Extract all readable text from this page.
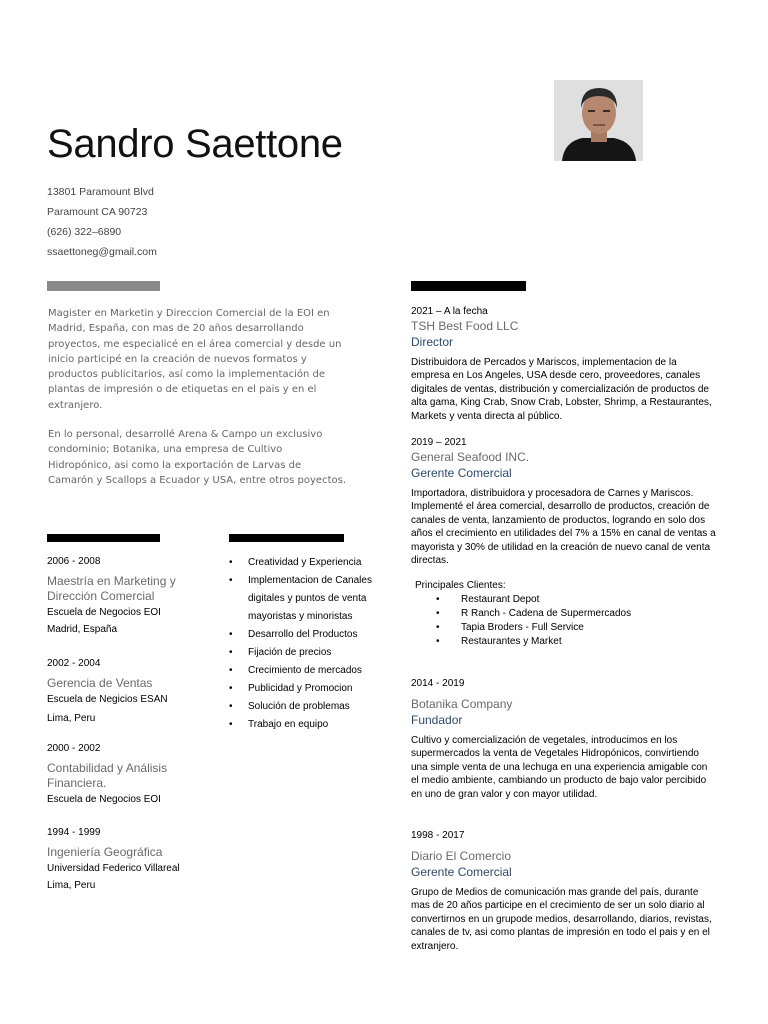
Sandro Saettone
13801 Paramount Blvd
Paramount CA 90723
(626) 322–6890
ssaettoneg@gmail.com

Magister en Marketin y Direccion Comercial de la EOI en Madrid, España, con mas de 20 años desarrollando proyectos, me especialicé en el área comercial y desde un inicio participé en la creación de nuevos formatos y productos publicitarios, así como la implementación de plantas de impresión o de etiquetas en el pais y en el extranjero.

En lo personal, desarrollé Arena & Campo un exclusivo condominio; Botanika, una empresa de Cultivo Hidropónico, asi como la exportación de Larvas de Camarón y Scallops a Ecuador y USA, entre otros poyectos.

2006 - 2008
Maestría en Marketing y Dirección Comercial
Escuela de Negocios EOI
Madrid, España
2002 - 2004
Gerencia de Ventas
Escuela de Negicios ESAN
Lima, Peru
2000 - 2002
Contabilidad y Análisis Financiera.
Escuela de Negocios EOI
1994 - 1999
Ingeniería Geográfica
Universidad Federico Villareal
Lima, Peru
• Creatividad y Experiencia
• Implementacion de Canales digitales y puntos de venta mayoristas y minoristas
• Desarrollo del Productos
• Fijación de precios
• Crecimiento de mercados
• Publicidad y Promocion
• Solución de problemas
• Trabajo en equipo
2021 – A la fecha
TSH Best Food LLC
Director
Distribuidora de Percados y Mariscos, implementacion de la empresa en Los Angeles, USA desde cero, proveedores, canales digitales de ventas, distribución y comercialización de productos de alta gama, King Crab, Snow Crab, Lobster, Shrimp, a Restaurantes, Markets y venta directa al público.
2019 – 2021
General Seafood INC.
Gerente Comercial
Importadora, distribuidora y procesadora de Carnes y Mariscos. Implementé el área comercial, desarrollo de productos, creación de canales de venta, lanzamiento de productos, logrando en solo dos años el crecimiento en utilidades del 7% a 15% en canal de ventas a mayorista y 30% de utilidad en la creación de nuevo canal de venta directas.
Principales Clientes:
• Restaurant Depot
• R Ranch - Cadena de Supermercados
• Tapia Broders - Full Service
• Restaurantes y Market
2014 - 2019
Botanika Company
Fundador
Cultivo y comercialización de vegetales, introducimos en los supermercados la venta de Vegetales Hidropónicos, convirtiendo una simple venta de una lechuga en una experiencia amigable con el medio ambiente, cambiando un producto de bajo valor percibido en uno de gran valor y con mayor utilidad.
1998 - 2017
Diario El Comercio
Gerente Comercial
Grupo de Medios de comunicación mas grande del país, durante mas de 20 años participe en el crecimiento de ser un solo diario al convertirnos en un grupode medios, desarrollando, diarios, revistas, canales de tv, asi como plantas de impresión en todo el pais y en el extranjero.
